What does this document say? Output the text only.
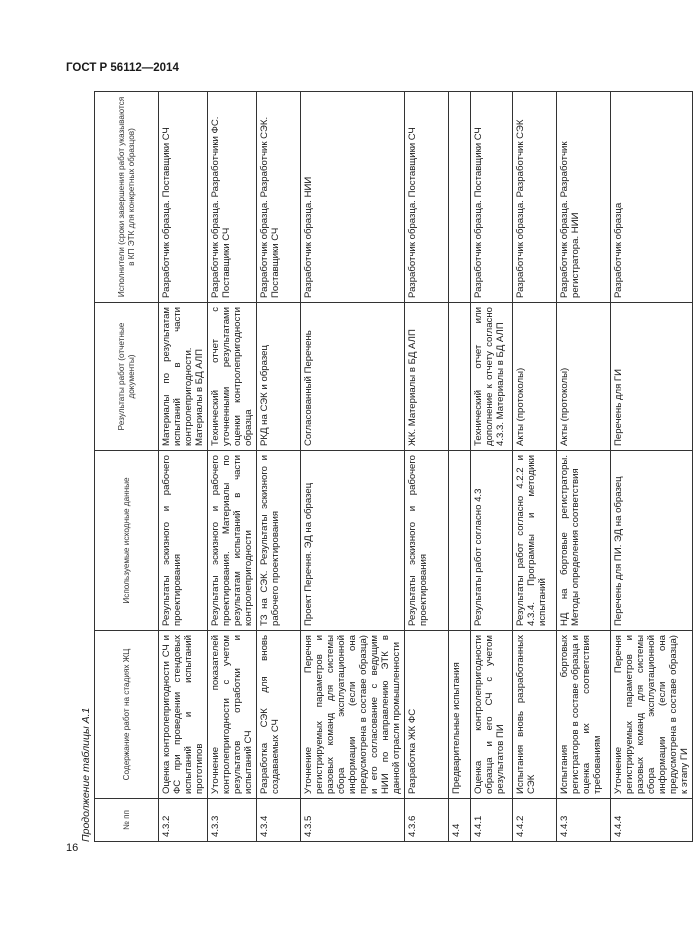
ГОСТ Р 56112—2014
Продолжение таблицы А.1
16
№ пп	Содержание работ на стадиях ЖЦ	Используемые исходные данные	Результаты работ (отчетные документы)	Исполнители (сроки завершения работ указываются в КП ЭТК для конкретных образцов)
4.3.2	Оценка контролепригодности СЧ и ФС при проведении стендовых испытаний и испытаний прототипов	Результаты эскизного и рабочего проектирования	Материалы по результатам испытаний в части контролепригодности. Материалы в БД АЛП	Разработчик образца. Поставщики СЧ
4.3.3	Уточнение показателей контролепригодности с учетом результатов отработки и испытаний СЧ	Результаты эскизного и рабочего проектирования. Материалы по результатам испытаний в части контролепригодности	Технический отчет с уточненными результатами оценки контролепригодности образца	Разработчик образца. Разработчики ФС. Поставщики СЧ
4.3.4	Разработка СЭК для вновь создаваемых СЧ	ТЗ на СЭК. Результаты эскизного и рабочего проектирования	РКД на СЭК и образец	Разработчик образца. Разработчик СЭК. Поставщики СЧ
4.3.5	Уточнение Перечня регистрируемых параметров и разовых команд для системы сбора эксплуатационной информации (если она предусмотрена в составе образца) и его согласование с ведущим НИИ по направлению ЭТК в данной отрасли промышленности	Проект Перечня. ЭД на образец	Согласованный Перечень	Разработчик образца. НИИ
4.3.6	Разработка ЖК ФС	Результаты эскизного и рабочего проектирования	ЖК. Материалы в БД АЛП	Разработчик образца. Поставщики СЧ
4.4	Предварительные испытания			
4.4.1	Оценка контролепригодности образца и его СЧ с учетом результатов ПИ	Результаты работ согласно 4.3	Технический отчет или дополнение к отчету согласно 4.3.3. Материалы в БД АЛП	Разработчик образца. Поставщики СЧ
4.4.2	Испытания вновь разработанных СЭК	Результаты работ согласно 4.2.2 и 4.3.4. Программы и методики испытаний	Акты (протоколы)	Разработчик образца. Разработчик СЭК
4.4.3	Испытания бортовых регистраторов в составе образца и оценка их соответствия требованиям	НД на бортовые регистраторы. Методы определения соответствия	Акты (протоколы)	Разработчик образца. Разработчик регистратора. НИИ
4.4.4	Уточнение Перечня регистрируемых параметров и разовых команд для системы сбора эксплуатационной информации (если она предусмотрена в составе образца) к этапу ГИ	Перечень для ПИ. ЭД на образец	Перечень для ГИ	Разработчик образца
